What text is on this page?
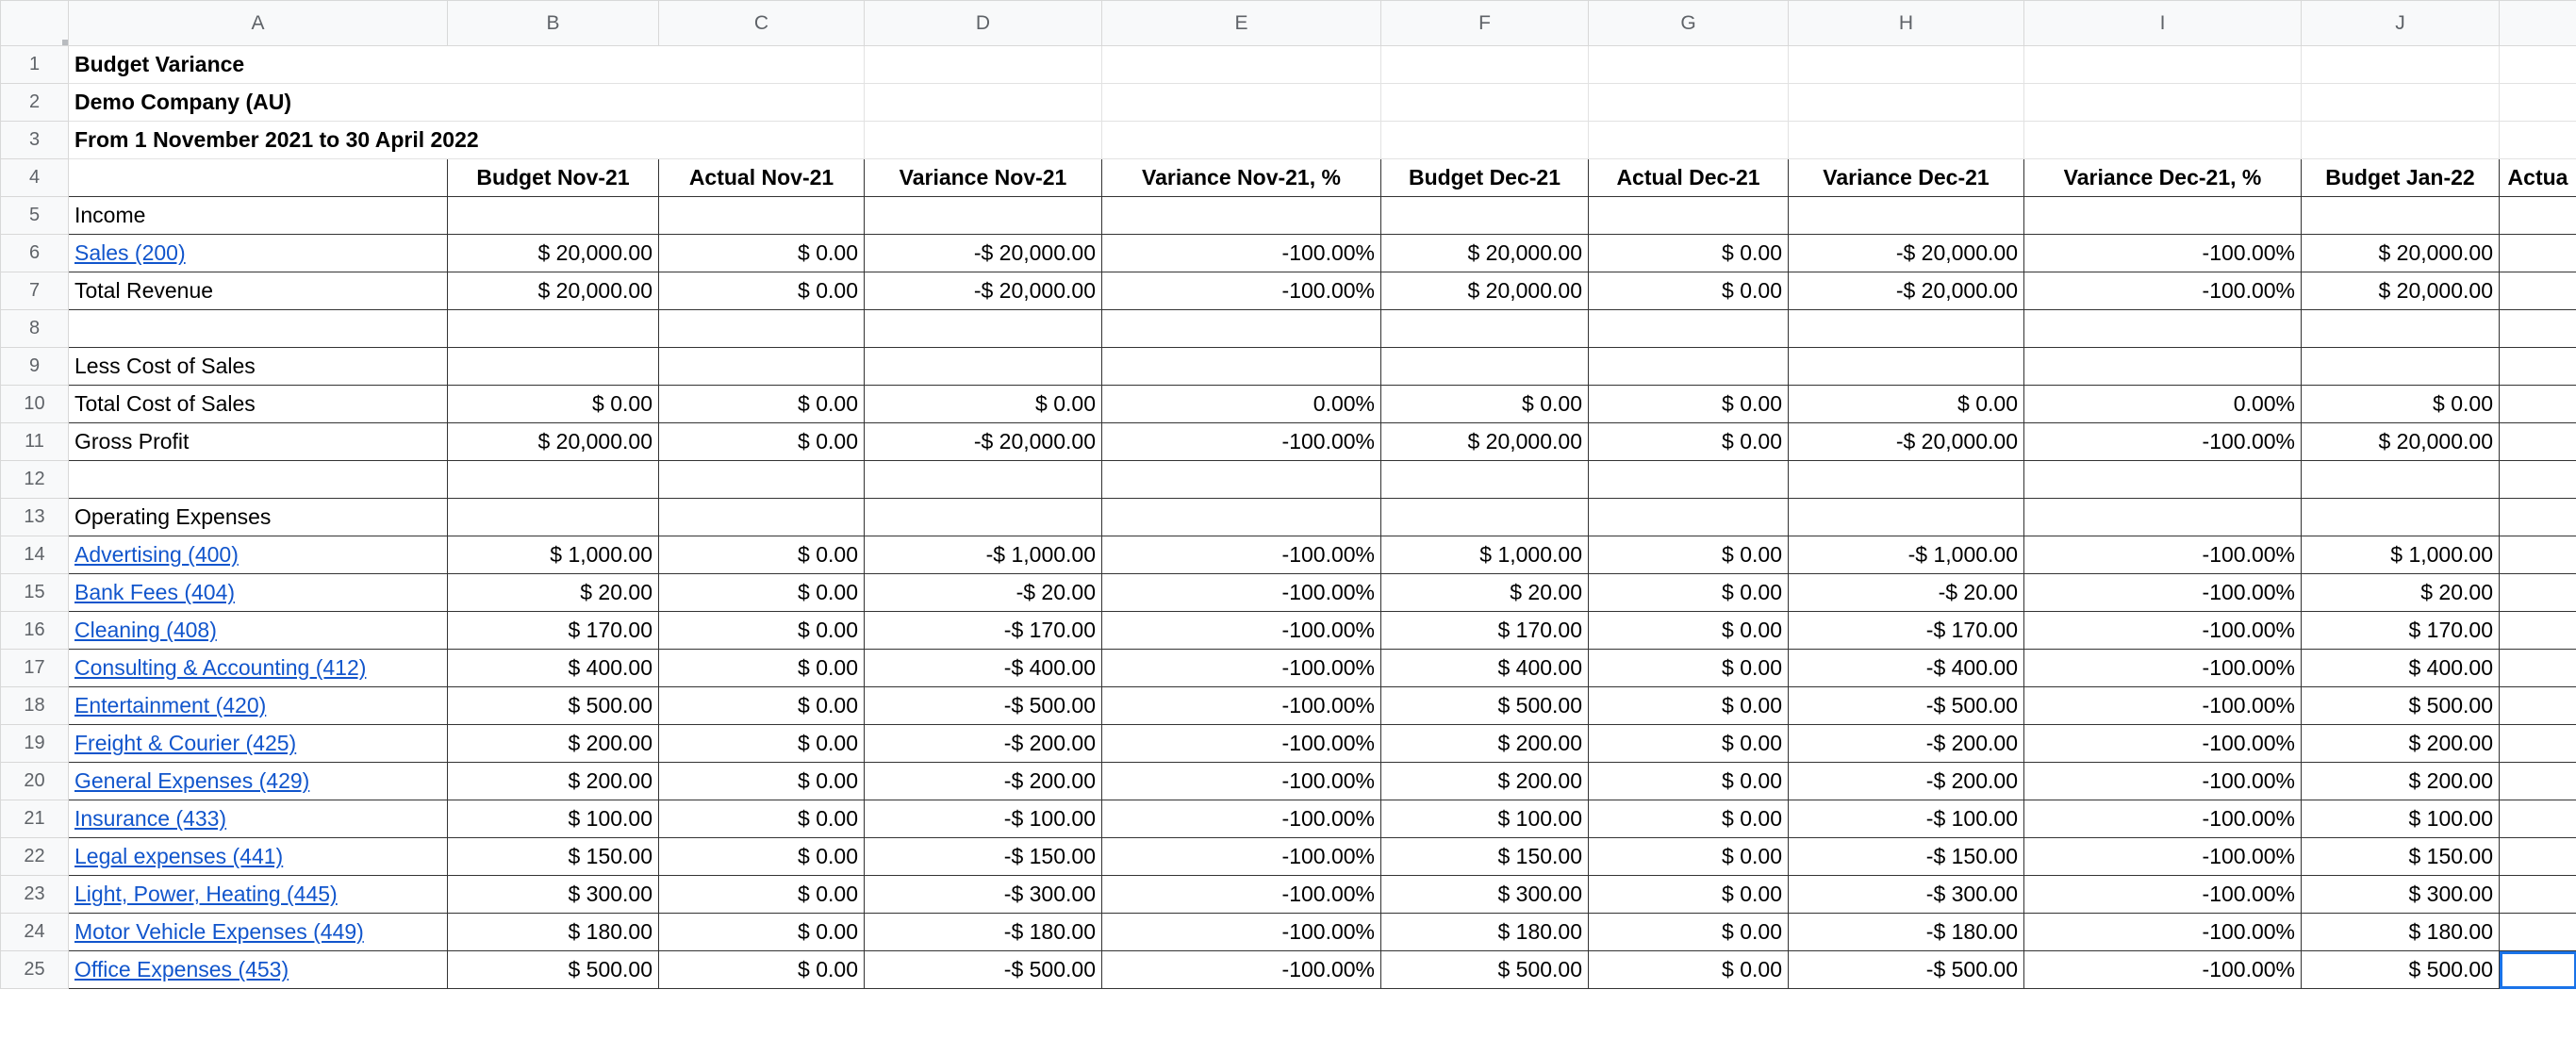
	A	B	C	D	E	F	G	H	I	J	
1	Budget Variance										
2	Demo Company (AU)										
3	From 1 November 2021 to 30 April 2022										
4		Budget Nov-21	Actual Nov-21	Variance Nov-21	Variance Nov-21, %	Budget Dec-21	Actual Dec-21	Variance Dec-21	Variance Dec-21, %	Budget Jan-22	Actua
5	Income										
6	Sales (200)	$ 20,000.00	$ 0.00	-$ 20,000.00	-100.00%	$ 20,000.00	$ 0.00	-$ 20,000.00	-100.00%	$ 20,000.00	
7	Total Revenue	$ 20,000.00	$ 0.00	-$ 20,000.00	-100.00%	$ 20,000.00	$ 0.00	-$ 20,000.00	-100.00%	$ 20,000.00	
8											
9	Less Cost of Sales										
10	Total Cost of Sales	$ 0.00	$ 0.00	$ 0.00	0.00%	$ 0.00	$ 0.00	$ 0.00	0.00%	$ 0.00	
11	Gross Profit	$ 20,000.00	$ 0.00	-$ 20,000.00	-100.00%	$ 20,000.00	$ 0.00	-$ 20,000.00	-100.00%	$ 20,000.00	
12											
13	Operating Expenses										
14	Advertising (400)	$ 1,000.00	$ 0.00	-$ 1,000.00	-100.00%	$ 1,000.00	$ 0.00	-$ 1,000.00	-100.00%	$ 1,000.00	
15	Bank Fees (404)	$ 20.00	$ 0.00	-$ 20.00	-100.00%	$ 20.00	$ 0.00	-$ 20.00	-100.00%	$ 20.00	
16	Cleaning (408)	$ 170.00	$ 0.00	-$ 170.00	-100.00%	$ 170.00	$ 0.00	-$ 170.00	-100.00%	$ 170.00	
17	Consulting & Accounting (412)	$ 400.00	$ 0.00	-$ 400.00	-100.00%	$ 400.00	$ 0.00	-$ 400.00	-100.00%	$ 400.00	
18	Entertainment (420)	$ 500.00	$ 0.00	-$ 500.00	-100.00%	$ 500.00	$ 0.00	-$ 500.00	-100.00%	$ 500.00	
19	Freight & Courier (425)	$ 200.00	$ 0.00	-$ 200.00	-100.00%	$ 200.00	$ 0.00	-$ 200.00	-100.00%	$ 200.00	
20	General Expenses (429)	$ 200.00	$ 0.00	-$ 200.00	-100.00%	$ 200.00	$ 0.00	-$ 200.00	-100.00%	$ 200.00	
21	Insurance (433)	$ 100.00	$ 0.00	-$ 100.00	-100.00%	$ 100.00	$ 0.00	-$ 100.00	-100.00%	$ 100.00	
22	Legal expenses (441)	$ 150.00	$ 0.00	-$ 150.00	-100.00%	$ 150.00	$ 0.00	-$ 150.00	-100.00%	$ 150.00	
23	Light, Power, Heating (445)	$ 300.00	$ 0.00	-$ 300.00	-100.00%	$ 300.00	$ 0.00	-$ 300.00	-100.00%	$ 300.00	
24	Motor Vehicle Expenses (449)	$ 180.00	$ 0.00	-$ 180.00	-100.00%	$ 180.00	$ 0.00	-$ 180.00	-100.00%	$ 180.00	
25	Office Expenses (453)	$ 500.00	$ 0.00	-$ 500.00	-100.00%	$ 500.00	$ 0.00	-$ 500.00	-100.00%	$ 500.00	
